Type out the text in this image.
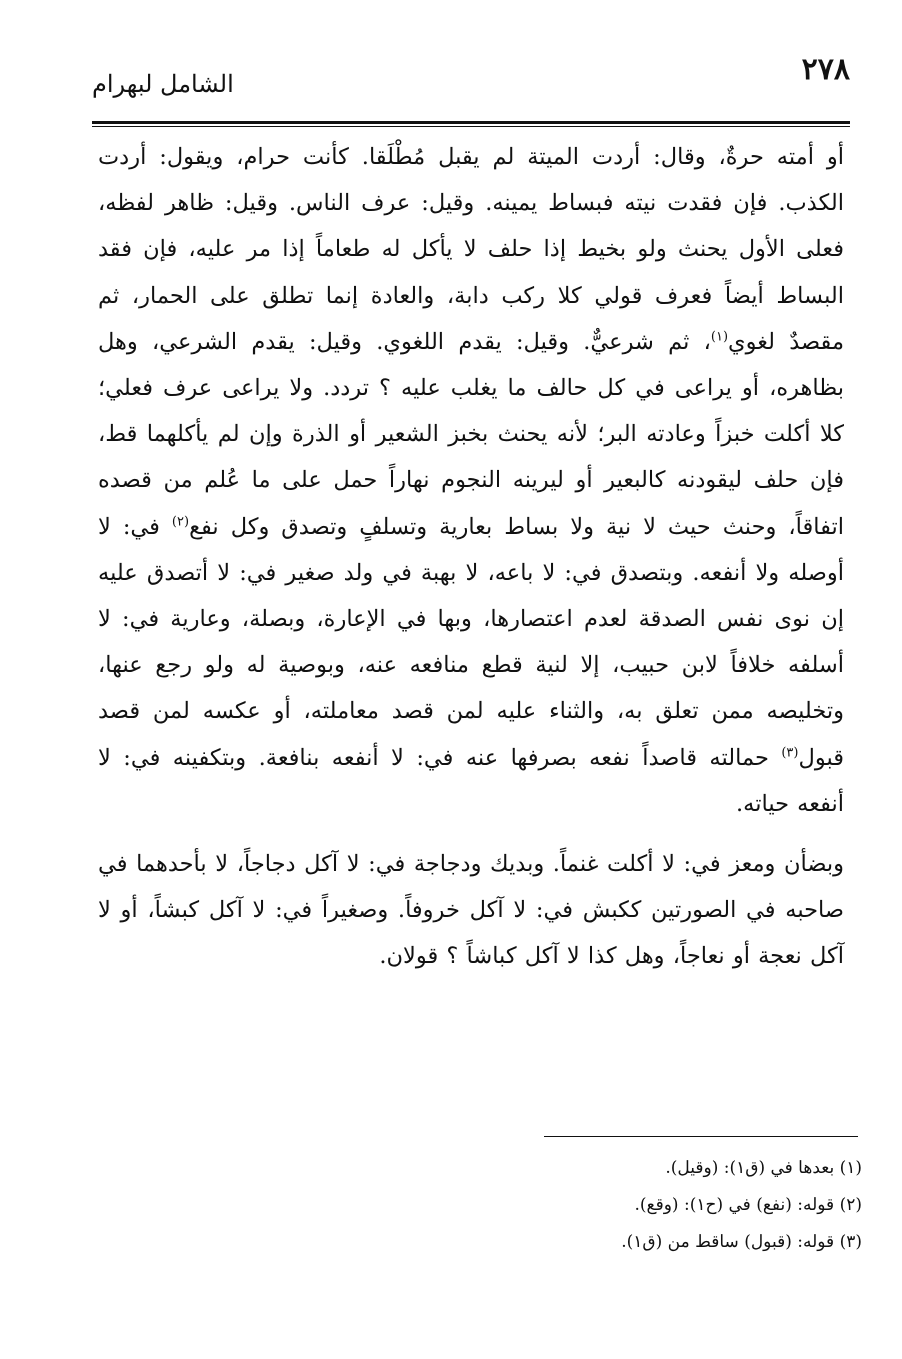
٢٧٨
الشامل لبهرام

أو أمته حرةٌ، وقال: أردت الميتة لم يقبل مُطْلَقا. كأنت حرام، ويقول: أردت الكذب. فإن فقدت نيته فبساط يمينه. وقيل: عرف الناس. وقيل: ظاهر لفظه، فعلى الأول يحنث ولو بخيط إذا حلف لا يأكل له طعاماً إذا مر عليه، فإن فقد البساط أيضاً فعرف قولي كلا ركب دابة، والعادة إنما تطلق على الحمار، ثم مقصدٌ لغوي$^{(١)}$، ثم شرعيٌّ. وقيل: يقدم اللغوي. وقيل: يقدم الشرعي، وهل بظاهره، أو يراعى في كل حالف ما يغلب عليه ؟ تردد. ولا يراعى عرف فعلي؛ كلا أكلت خبزاً وعادته البر؛ لأنه يحنث بخبز الشعير أو الذرة وإن لم يأكلهما قط، فإن حلف ليقودنه كالبعير أو ليرينه النجوم نهاراً حمل على ما عُلم من قصده اتفاقاً، وحنث حيث لا نية ولا بساط بعارية وتسلفٍ وتصدق وكل نفع$^{(٢)}$ في: لا أوصله ولا أنفعه. وبتصدق في: لا باعه، لا بهبة في ولد صغير في: لا أتصدق عليه إن نوى نفس الصدقة لعدم اعتصارها، وبها في الإعارة، وبصلة، وعارية في: لا أسلفه خلافاً لابن حبيب، إلا لنية قطع منافعه عنه، وبوصية له ولو رجع عنها، وتخليصه ممن تعلق به، والثناء عليه لمن قصد معاملته، أو عكسه لمن قصد قبول$^{(٣)}$ حمالته قاصداً نفعه بصرفها عنه في: لا أنفعه بنافعة. وبتكفينه في: لا أنفعه حياته.

وبضأن ومعز في: لا أكلت غنماً. وبديك ودجاجة في: لا آكل دجاجاً، لا بأحدهما في صاحبه في الصورتين ككبش في: لا آكل خروفاً. وصغيراً في: لا آكل كبشاً، أو لا آكل نعجة أو نعاجاً، وهل كذا لا آكل كباشاً ؟ قولان.

(١) بعدها في (ق١): (وقيل).

(٢) قوله: (نفع) في (ح١): (وقع).

(٣) قوله: (قبول) ساقط من (ق١).
